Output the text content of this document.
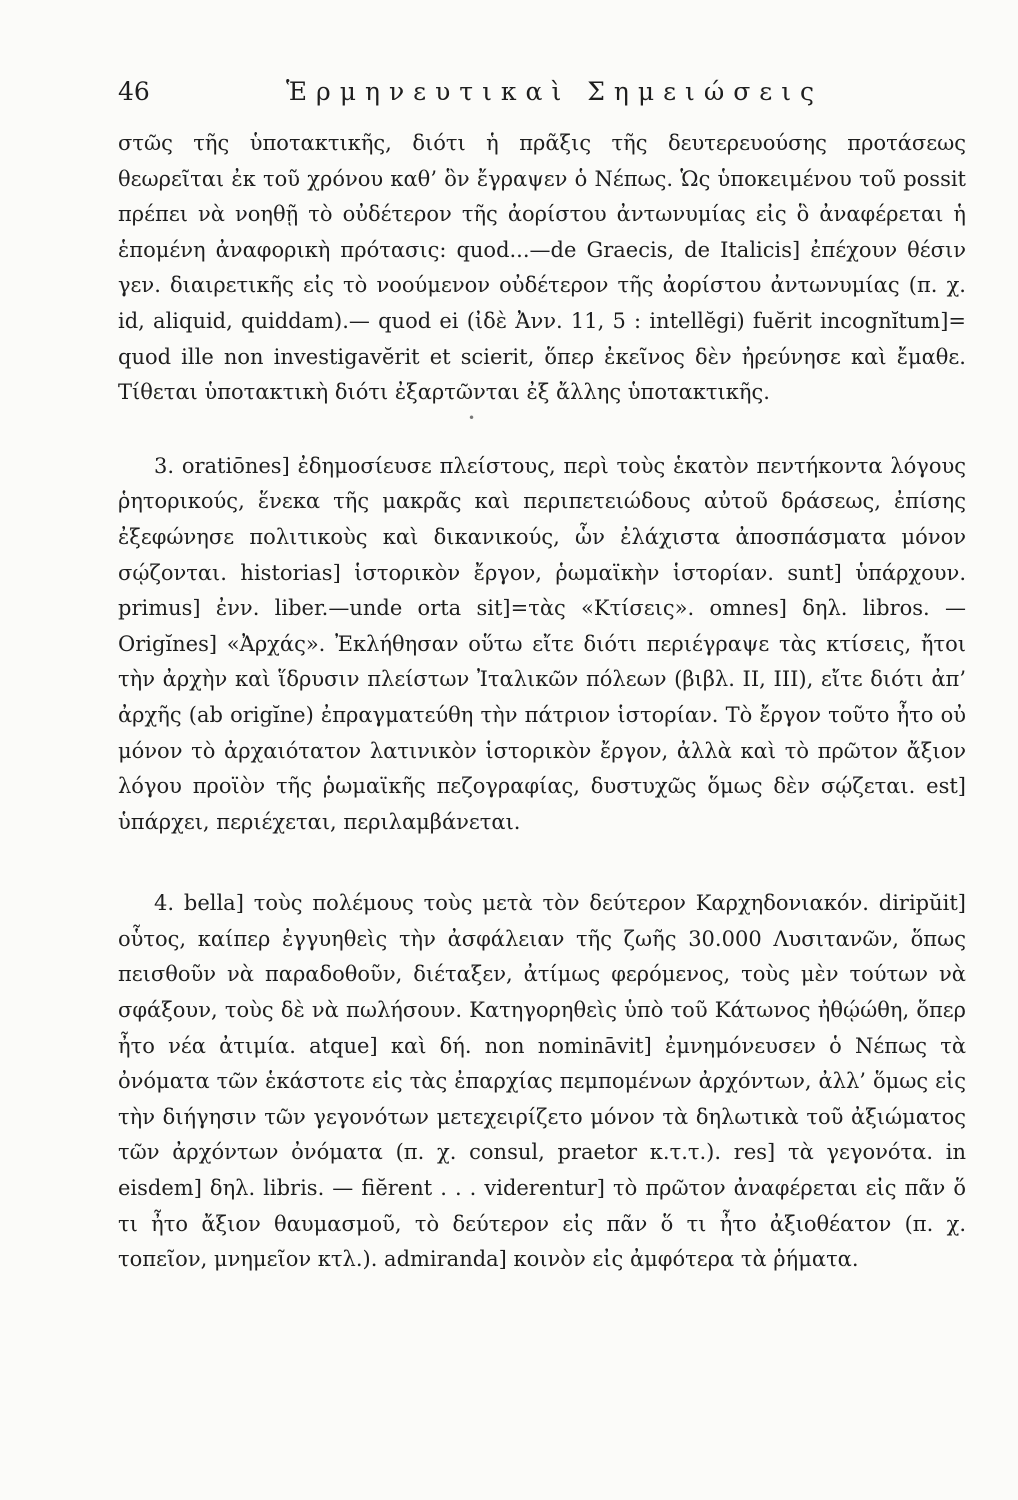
46	Ἑρμηνευτικαὶ Σημειώσεις

στῶς τῆς ὑποτακτικῆς, διότι ἡ πρᾶξις τῆς δευτερευούσης προτάσεως θεωρεῖται ἐκ τοῦ χρόνου καθ’ ὃν ἔγραψεν ὁ Νέπως. Ὡς ὑποκειμένου τοῦ possit πρέπει νὰ νοηθῇ τὸ οὐδέτερον τῆς ἀορίστου ἀντωνυμίας εἰς ὃ ἀναφέρεται ἡ ἑπομένη ἀναφορικὴ πρότασις: quod...—de Graecis, de Italicis] ἐπέχουν θέσιν γεν. διαιρετικῆς εἰς τὸ νοούμενον οὐδέτερον τῆς ἀορίστου ἀντωνυμίας (π. χ. id, aliquid, quiddam).— quod ei (ἰδὲ Ἀνν. 11, 5 : intellĕgi) fuĕrit incognĭtum]= quod ille non investigavĕrit et scierit, ὅπερ ἐκεῖνος δὲν ἠρεύνησε καὶ ἔμαθε. Τίθεται ὑποτακτικὴ διότι ἐξαρτῶνται ἐξ ἄλλης ὑποτακτικῆς.

•

3. oratiōnes] ἐδημοσίευσε πλείστους, περὶ τοὺς ἑκατὸν πεντήκοντα λόγους ῥητορικούς, ἕνεκα τῆς μακρᾶς καὶ περιπετειώδους αὐτοῦ δράσεως, ἐπίσης ἐξεφώνησε πολιτικοὺς καὶ δικανικούς, ὧν ἐλάχιστα ἀποσπάσματα μόνον σῴζονται. historias] ἱστορικὸν ἔργον, ῥωμαϊκὴν ἱστορίαν. sunt] ὑπάρχουν. primus] ἐνν. liber.—unde orta sit]=τὰς «Κτίσεις». omnes] δηλ. libros. — Origĭnes] «Ἀρχάς». Ἐκλήθησαν οὕτω εἴτε διότι περιέγραψε τὰς κτίσεις, ἤτοι τὴν ἀρχὴν καὶ ἵδρυσιν πλείστων Ἰταλικῶν πόλεων (βιβλ. II, III), εἴτε διότι ἀπ’ ἀρχῆς (ab origĭne) ἐπραγματεύθη τὴν πάτριον ἱστορίαν. Τὸ ἔργον τοῦτο ἦτο οὐ μόνον τὸ ἀρχαιότατον λατινικὸν ἱστορικὸν ἔργον, ἀλλὰ καὶ τὸ πρῶτον ἄξιον λόγου προϊὸν τῆς ῥωμαϊκῆς πεζογραφίας, δυστυχῶς ὅμως δὲν σῴζεται. est] ὑπάρχει, περιέχεται, περιλαμβάνεται.

4. bella] τοὺς πολέμους τοὺς μετὰ τὸν δεύτερον Καρχηδονιακόν. diripŭit] οὗτος, καίπερ ἐγγυηθεὶς τὴν ἀσφάλειαν τῆς ζωῆς 30.000 Λυσιτανῶν, ὅπως πεισθοῦν νὰ παραδοθοῦν, διέταξεν, ἀτίμως φερόμενος, τοὺς μὲν τούτων νὰ σφάξουν, τοὺς δὲ νὰ πωλήσουν. Κατηγορηθεὶς ὑπὸ τοῦ Κάτωνος ἠθῴώθη, ὅπερ ἦτο νέα ἀτιμία. atque] καὶ δή. non nomināvit] ἐμνημόνευσεν ὁ Νέπως τὰ ὀνόματα τῶν ἑκάστοτε εἰς τὰς ἐπαρχίας πεμπομένων ἀρχόντων, ἀλλ’ ὅμως εἰς τὴν διήγησιν τῶν γεγονότων μετεχειρίζετο μόνον τὰ δηλωτικὰ τοῦ ἀξιώματος τῶν ἀρχόντων ὀνόματα (π. χ. consul, praetor κ.τ.τ.). res] τὰ γεγονότα. in eisdem] δηλ. libris. — fiĕrent . . . viderentur] τὸ πρῶτον ἀναφέρεται εἰς πᾶν ὅ τι ἦτο ἄξιον θαυμασμοῦ, τὸ δεύτερον εἰς πᾶν ὅ τι ἦτο ἀξιοθέατον (π. χ. τοπεῖον, μνημεῖον κτλ.). admiranda] κοινὸν εἰς ἀμφότερα τὰ ῥήματα.
